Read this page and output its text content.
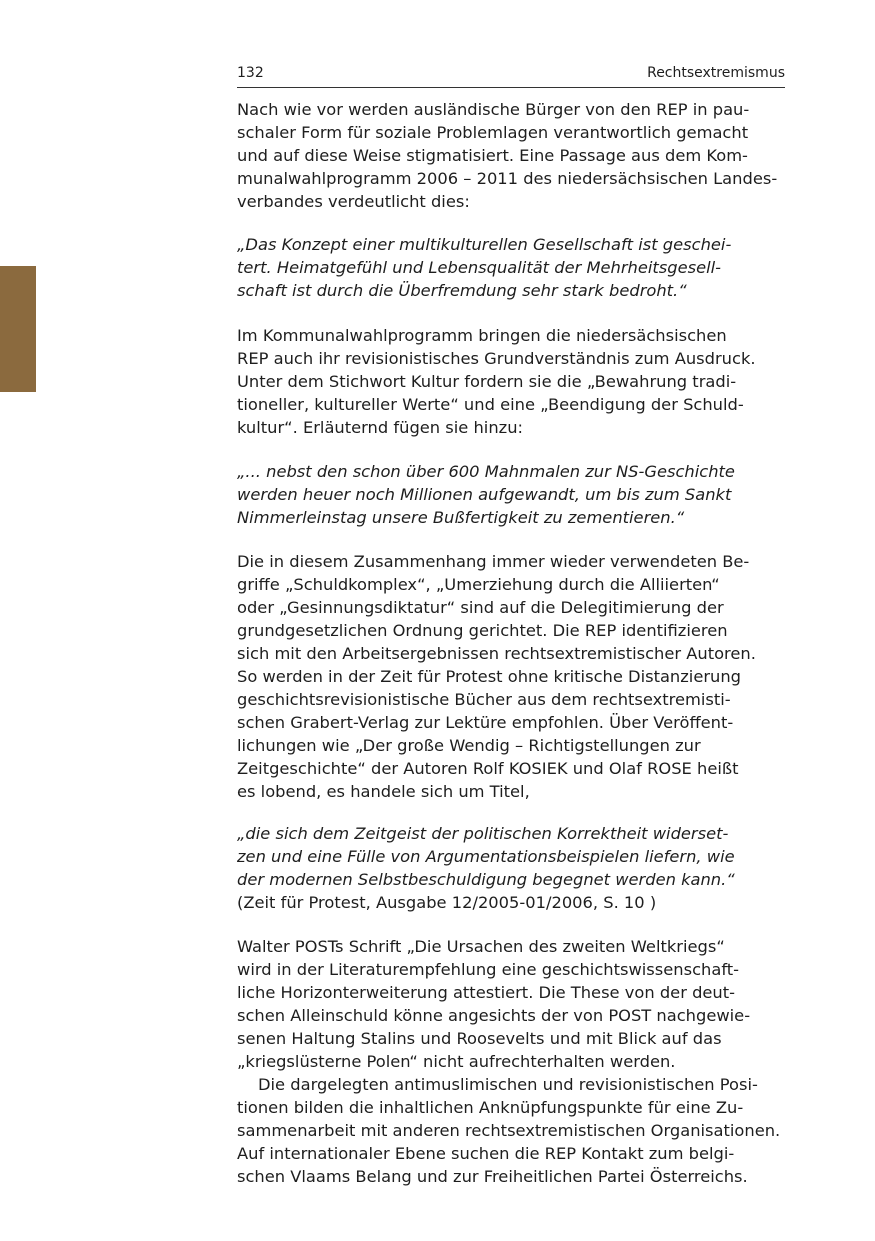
132	Rechtsextremismus
Nach wie vor werden ausländische Bürger von den REP in pau-
schaler Form für soziale Problemlagen verantwortlich gemacht
und auf diese Weise stigmatisiert. Eine Passage aus dem Kom-
munalwahlprogramm 2006 – 2011 des niedersächsischen Landes-
verbandes verdeutlicht dies:
„Das Konzept einer multikulturellen Gesellschaft ist geschei-
tert. Heimatgefühl und Lebensqualität der Mehrheitsgesell-
schaft ist durch die Überfremdung sehr stark bedroht.“
Im Kommunalwahlprogramm bringen die niedersächsischen
REP auch ihr revisionistisches Grundverständnis zum Ausdruck.
Unter dem Stichwort Kultur fordern sie die „Bewahrung tradi-
tioneller, kultureller Werte“ und eine „Beendigung der Schuld-
kultur“. Erläuternd fügen sie hinzu:
„... nebst den schon über 600 Mahnmalen zur NS-Geschichte
werden heuer noch Millionen aufgewandt, um bis zum Sankt
Nimmerleinstag unsere Bußfertigkeit zu zementieren.“
Die in diesem Zusammenhang immer wieder verwendeten Be-
griffe „Schuldkomplex“, „Umerziehung durch die Alliierten“
oder „Gesinnungsdiktatur“ sind auf die Delegitimierung der
grundgesetzlichen Ordnung gerichtet. Die REP identifizieren
sich mit den Arbeitsergebnissen rechtsextremistischer Autoren.
So werden in der Zeit für Protest ohne kritische Distanzierung
geschichtsrevisionistische Bücher aus dem rechtsextremisti-
schen Grabert-Verlag zur Lektüre empfohlen. Über Veröffent-
lichungen wie „Der große Wendig – Richtigstellungen zur
Zeitgeschichte“ der Autoren Rolf KOSIEK und Olaf ROSE heißt
es lobend, es handele sich um Titel,
„die sich dem Zeitgeist der politischen Korrektheit widerset-
zen und eine Fülle von Argumentationsbeispielen liefern, wie
der modernen Selbstbeschuldigung begegnet werden kann.“
(Zeit für Protest, Ausgabe 12/2005-01/2006, S. 10 )
Walter POSTs Schrift „Die Ursachen des zweiten Weltkriegs“
wird in der Literaturempfehlung eine geschichtswissenschaft-
liche Horizonterweiterung attestiert. Die These von der deut-
schen Alleinschuld könne angesichts der von POST nachgewie-
senen Haltung Stalins und Roosevelts und mit Blick auf das
„kriegslüsterne Polen“ nicht aufrechterhalten werden.
Die dargelegten antimuslimischen und revisionistischen Posi-
tionen bilden die inhaltlichen Anknüpfungspunkte für eine Zu-
sammenarbeit mit anderen rechtsextremistischen Organisationen.
Auf internationaler Ebene suchen die REP Kontakt zum belgi-
schen Vlaams Belang und zur Freiheitlichen Partei Österreichs.
